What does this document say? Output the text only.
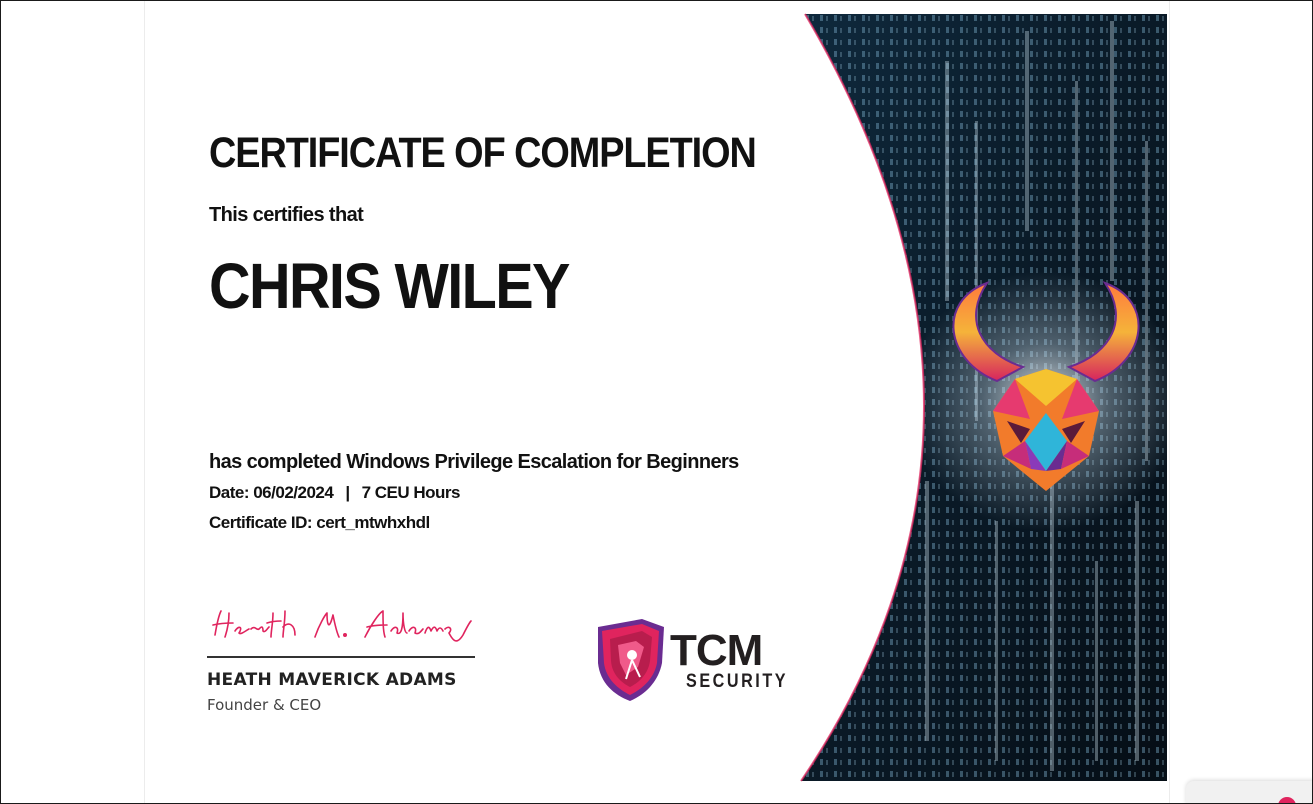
CERTIFICATE OF COMPLETION
This certifies that
CHRIS WILEY
has completed Windows Privilege Escalation for Beginners
Date: 06/02/2024 | 7 CEU Hours
Certificate ID: cert_mtwhxhdl
HEATH MAVERICK ADAMS
Founder & CEO
TCM
SECURITY
